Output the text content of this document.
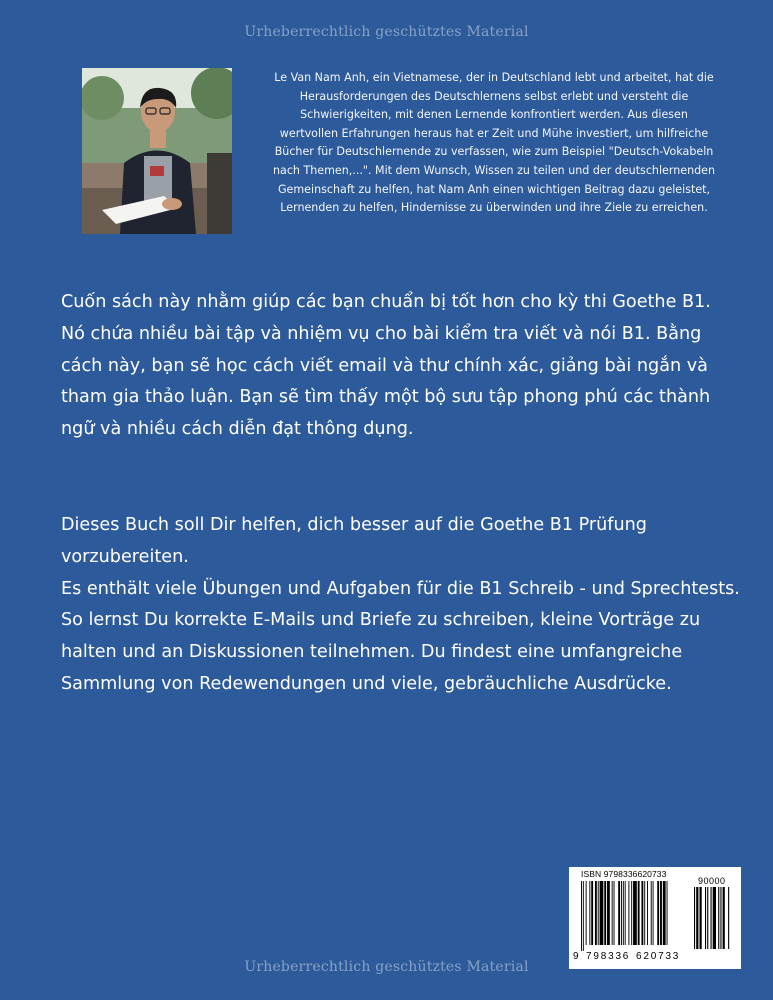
Urheberrechtlich geschütztes Material

Le Van Nam Anh, ein Vietnamese, der in Deutschland lebt und arbeitet, hat die Herausforderungen des Deutschlernens selbst erlebt und versteht die Schwierigkeiten, mit denen Lernende konfrontiert werden. Aus diesen wertvollen Erfahrungen heraus hat er Zeit und Mühe investiert, um hilfreiche Bücher für Deutschlernende zu verfassen, wie zum Beispiel "Deutsch-Vokabeln nach Themen,...". Mit dem Wunsch, Wissen zu teilen und der deutschlernenden Gemeinschaft zu helfen, hat Nam Anh einen wichtigen Beitrag dazu geleistet, Lernenden zu helfen, Hindernisse zu überwinden und ihre Ziele zu erreichen.

Cuốn sách này nhằm giúp các bạn chuẩn bị tốt hơn cho kỳ thi Goethe B1.
Nó chứa nhiều bài tập và nhiệm vụ cho bài kiểm tra viết và nói B1. Bằng cách này, bạn sẽ học cách viết email và thư chính xác, giảng bài ngắn và tham gia thảo luận. Bạn sẽ tìm thấy một bộ sưu tập phong phú các thành ngữ và nhiều cách diễn đạt thông dụng.

Dieses Buch soll Dir helfen, dich besser auf die Goethe B1 Prüfung vorzubereiten.
Es enthält viele Übungen und Aufgaben für die B1 Schreib - und Sprechtests. So lernst Du korrekte E-Mails und Briefe zu schreiben, kleine Vorträge zu halten und an Diskussionen teilnehmen. Du findest eine umfangreiche Sammlung von Redewendungen und viele, gebräuchliche Ausdrücke.

ISBN 9798336620733
90000
9 798336 620733
Urheberrechtlich geschütztes Material
